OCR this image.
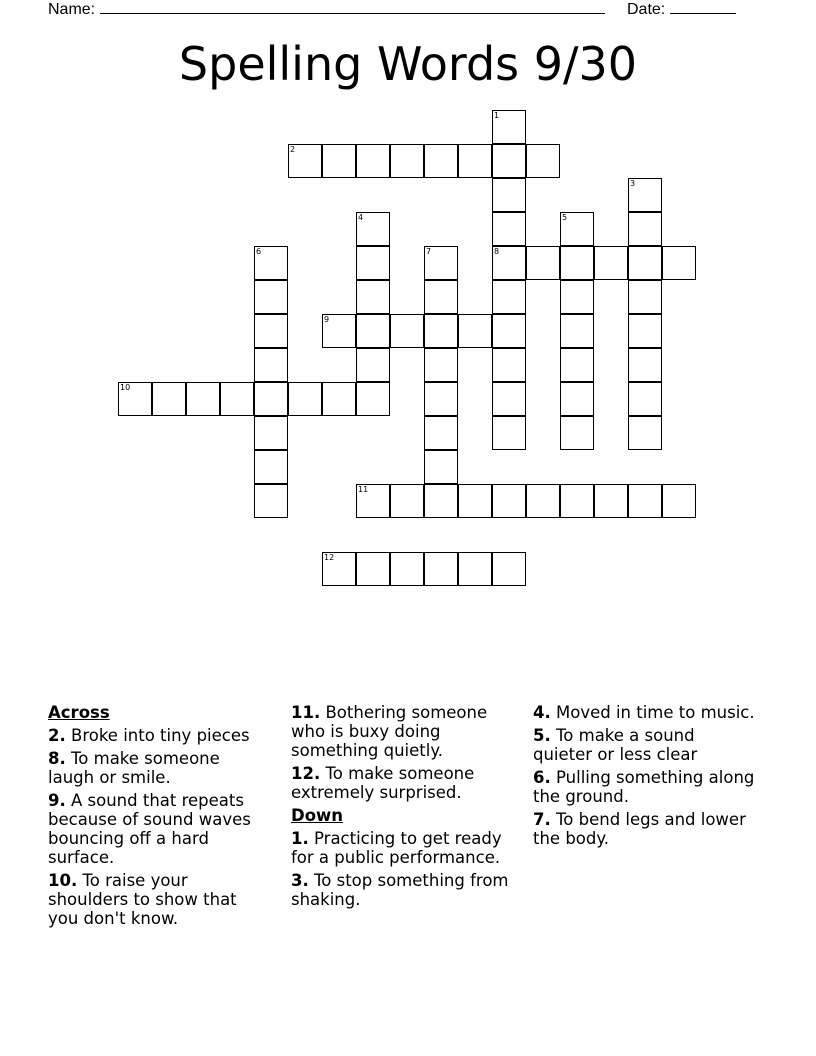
Name:	Date:
Spelling Words 9/30
1
8
2
3
4	5
6	7
9
10
11
12
Across
2. Broke into tiny pieces
8. To make someone laugh or smile.
9. A sound that repeats because of sound waves bouncing off a hard surface.
10. To raise your shoulders to show that you don't know.
11. Bothering someone who is buxy doing something quietly.
12. To make someone extremely surprised.
Down
1. Practicing to get ready for a public performance.
3. To stop something from shaking.
4. Moved in time to music.
5. To make a sound quieter or less clear
6. Pulling something along the ground.
7. To bend legs and lower the body.
